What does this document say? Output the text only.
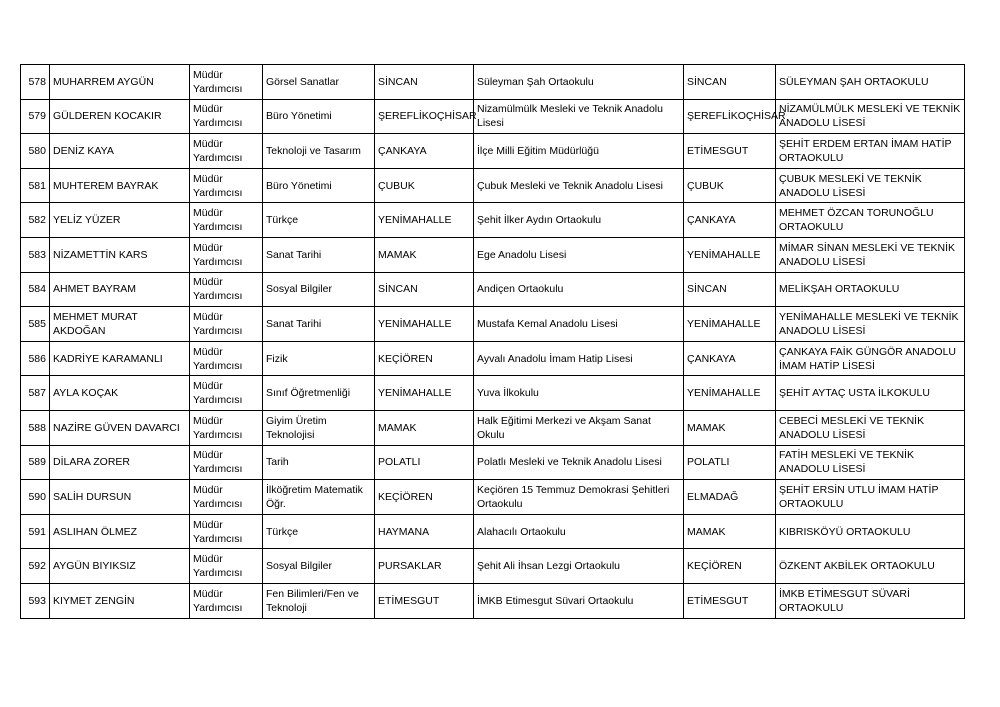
578	MUHARREM AYGÜN	Müdür Yardımcısı	Görsel Sanatlar	SİNCAN	Süleyman Şah Ortaokulu	SİNCAN	SÜLEYMAN ŞAH ORTAOKULU
579	GÜLDEREN KOCAKIR	Müdür Yardımcısı	Büro Yönetimi	ŞEREFLİKOÇHİSAR	Nizamülmülk Mesleki ve Teknik Anadolu Lisesi	ŞEREFLİKOÇHİSAR	NİZAMÜLMÜLK MESLEKİ VE TEKNİK ANADOLU LİSESİ
580	DENİZ KAYA	Müdür Yardımcısı	Teknoloji ve Tasarım	ÇANKAYA	İlçe Milli Eğitim Müdürlüğü	ETİMESGUT	ŞEHİT ERDEM ERTAN İMAM HATİP ORTAOKULU
581	MUHTEREM BAYRAK	Müdür Yardımcısı	Büro Yönetimi	ÇUBUK	Çubuk Mesleki ve Teknik Anadolu Lisesi	ÇUBUK	ÇUBUK MESLEKİ VE TEKNİK ANADOLU LİSESİ
582	YELİZ YÜZER	Müdür Yardımcısı	Türkçe	YENİMAHALLE	Şehit İlker Aydın Ortaokulu	ÇANKAYA	MEHMET ÖZCAN TORUNOĞLU ORTAOKULU
583	NİZAMETTİN KARS	Müdür Yardımcısı	Sanat Tarihi	MAMAK	Ege Anadolu Lisesi	YENİMAHALLE	MİMAR SİNAN MESLEKİ VE TEKNİK ANADOLU LİSESİ
584	AHMET BAYRAM	Müdür Yardımcısı	Sosyal Bilgiler	SİNCAN	Andiçen Ortaokulu	SİNCAN	MELİKŞAH ORTAOKULU
585	MEHMET MURAT AKDOĞAN	Müdür Yardımcısı	Sanat Tarihi	YENİMAHALLE	Mustafa Kemal Anadolu Lisesi	YENİMAHALLE	YENİMAHALLE MESLEKİ VE TEKNİK ANADOLU LİSESİ
586	KADRİYE KARAMANLI	Müdür Yardımcısı	Fizik	KEÇİÖREN	Ayvalı Anadolu İmam Hatip Lisesi	ÇANKAYA	ÇANKAYA FAİK GÜNGÖR ANADOLU İMAM HATİP LİSESİ
587	AYLA KOÇAK	Müdür Yardımcısı	Sınıf Öğretmenliği	YENİMAHALLE	Yuva İlkokulu	YENİMAHALLE	ŞEHİT AYTAÇ USTA İLKOKULU
588	NAZİRE GÜVEN DAVARCI	Müdür Yardımcısı	Giyim Üretim Teknolojisi	MAMAK	Halk Eğitimi Merkezi ve Akşam Sanat Okulu	MAMAK	CEBECİ MESLEKİ VE TEKNİK ANADOLU LİSESİ
589	DİLARA ZORER	Müdür Yardımcısı	Tarih	POLATLI	Polatlı Mesleki ve Teknik Anadolu Lisesi	POLATLI	FATİH MESLEKİ VE TEKNİK ANADOLU LİSESİ
590	SALİH DURSUN	Müdür Yardımcısı	İlköğretim Matematik Öğr.	KEÇİÖREN	Keçiören 15 Temmuz Demokrasi Şehitleri Ortaokulu	ELMADAĞ	ŞEHİT ERSİN UTLU İMAM HATİP ORTAOKULU
591	ASLIHAN ÖLMEZ	Müdür Yardımcısı	Türkçe	HAYMANA	Alahacılı Ortaokulu	MAMAK	KIBRISKÖYÜ ORTAOKULU
592	AYGÜN BIYIKSIZ	Müdür Yardımcısı	Sosyal Bilgiler	PURSAKLAR	Şehit Ali İhsan Lezgi Ortaokulu	KEÇİÖREN	ÖZKENT AKBİLEK ORTAOKULU
593	KIYMET ZENGİN	Müdür Yardımcısı	Fen Bilimleri/Fen ve Teknoloji	ETİMESGUT	İMKB Etimesgut Süvari Ortaokulu	ETİMESGUT	İMKB ETİMESGUT SÜVARİ ORTAOKULU
